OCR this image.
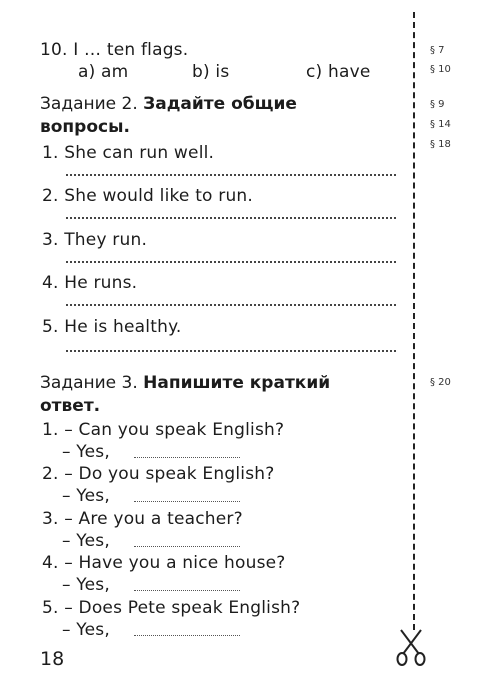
10. I … ten flags.
a) am	b) is	c) have
Задание 2. Задайте общие
вопросы.
1. She can run well.
2. She would like to run.
3. They run.
4. He runs.
5. He is healthy.
Задание 3. Напишите краткий
ответ.
1. – Can you speak English?
– Yes,
2. – Do you speak English?
– Yes,
3. – Are you a teacher?
– Yes,
4. – Have you a nice house?
– Yes,
5. – Does Pete speak English?
– Yes,
§ 7
§ 10
§ 9
§ 14
§ 18
§ 20
18
